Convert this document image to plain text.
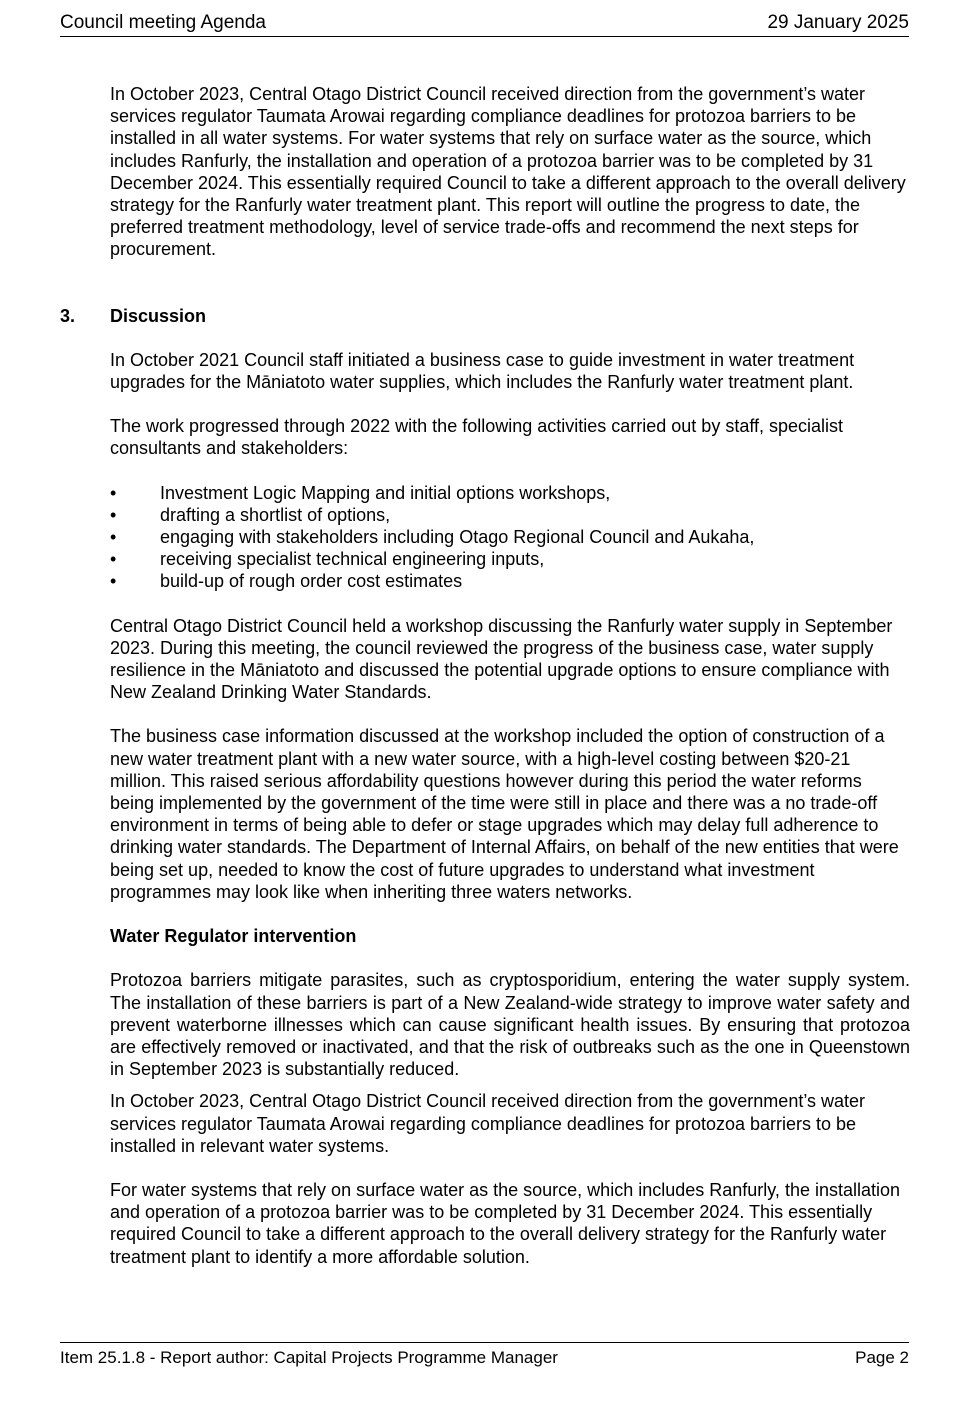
Council meeting Agenda	29 January 2025

In October 2023, Central Otago District Council received direction from the government’s water services regulator Taumata Arowai regarding compliance deadlines for protozoa barriers to be installed in all water systems. For water systems that rely on surface water as the source, which includes Ranfurly, the installation and operation of a protozoa barrier was to be completed by 31 December 2024. This essentially required Council to take a different approach to the overall delivery strategy for the Ranfurly water treatment plant. This report will outline the progress to date, the preferred treatment methodology, level of service trade-offs and recommend the next steps for procurement.

3. Discussion

In October 2021 Council staff initiated a business case to guide investment in water treatment upgrades for the Māniatoto water supplies, which includes the Ranfurly water treatment plant.

The work progressed through 2022 with the following activities carried out by staff, specialist consultants and stakeholders:

• Investment Logic Mapping and initial options workshops,
• drafting a shortlist of options,
• engaging with stakeholders including Otago Regional Council and Aukaha,
• receiving specialist technical engineering inputs,
• build-up of rough order cost estimates

Central Otago District Council held a workshop discussing the Ranfurly water supply in September 2023. During this meeting, the council reviewed the progress of the business case, water supply resilience in the Māniatoto and discussed the potential upgrade options to ensure compliance with New Zealand Drinking Water Standards.

The business case information discussed at the workshop included the option of construction of a new water treatment plant with a new water source, with a high-level costing between $20-21 million. This raised serious affordability questions however during this period the water reforms being implemented by the government of the time were still in place and there was a no trade-off environment in terms of being able to defer or stage upgrades which may delay full adherence to drinking water standards. The Department of Internal Affairs, on behalf of the new entities that were being set up, needed to know the cost of future upgrades to understand what investment programmes may look like when inheriting three waters networks.

Water Regulator intervention

Protozoa barriers mitigate parasites, such as cryptosporidium, entering the water supply system. The installation of these barriers is part of a New Zealand-wide strategy to improve water safety and prevent waterborne illnesses which can cause significant health issues. By ensuring that protozoa are effectively removed or inactivated, and that the risk of outbreaks such as the one in Queenstown in September 2023 is substantially reduced.

In October 2023, Central Otago District Council received direction from the government’s water services regulator Taumata Arowai regarding compliance deadlines for protozoa barriers to be installed in relevant water systems.

For water systems that rely on surface water as the source, which includes Ranfurly, the installation and operation of a protozoa barrier was to be completed by 31 December 2024. This essentially required Council to take a different approach to the overall delivery strategy for the Ranfurly water treatment plant to identify a more affordable solution.

Item 25.1.8 - Report author: Capital Projects Programme Manager	Page 2
